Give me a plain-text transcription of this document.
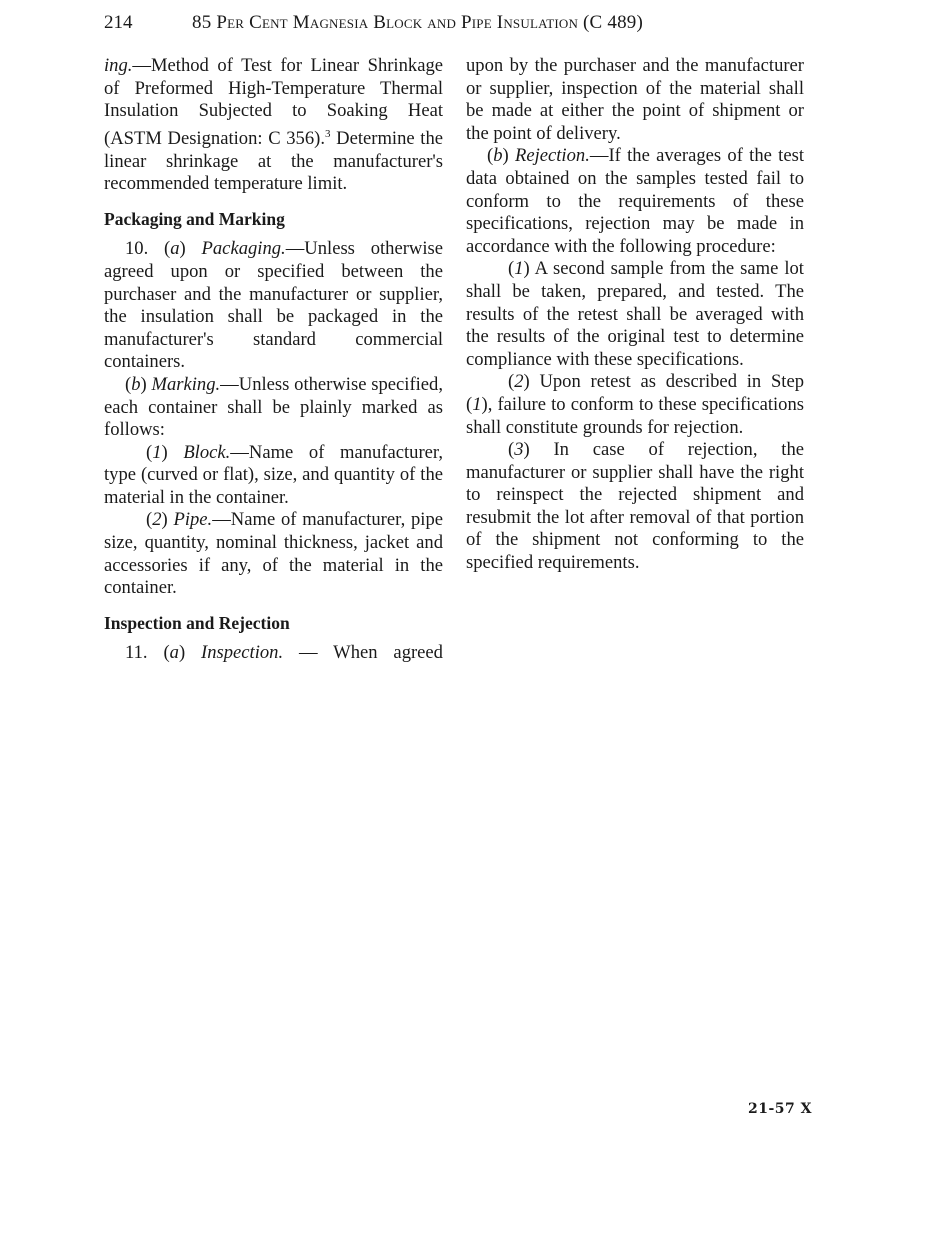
214	85 Per Cent Magnesia Block and Pipe Insulation (C 489)

ing.—Method of Test for Linear Shrinkage of Preformed High-Temperature Thermal Insulation Subjected to Soaking Heat (ASTM Designation: C 356).$^3$ Determine the linear shrinkage at the manufacturer's recommended temperature limit.

Packaging and Marking

10. (a) Packaging.—Unless otherwise agreed upon or specified between the purchaser and the manufacturer or supplier, the insulation shall be packaged in the manufacturer's standard commercial containers.

(b) Marking.—Unless otherwise specified, each container shall be plainly marked as follows:

(1) Block.—Name of manufacturer, type (curved or flat), size, and quantity of the material in the container.

(2) Pipe.—Name of manufacturer, pipe size, quantity, nominal thickness, jacket and accessories if any, of the material in the container.

Inspection and Rejection

11. (a) Inspection. — When agreed

upon by the purchaser and the manufacturer or supplier, inspection of the material shall be made at either the point of shipment or the point of delivery.

(b) Rejection.—If the averages of the test data obtained on the samples tested fail to conform to the requirements of these specifications, rejection may be made in accordance with the following procedure:

(1) A second sample from the same lot shall be taken, prepared, and tested. The results of the retest shall be averaged with the results of the original test to determine compliance with these specifications.

(2) Upon retest as described in Step (1), failure to conform to these specifications shall constitute grounds for rejection.

(3) In case of rejection, the manufacturer or supplier shall have the right to reinspect the rejected shipment and resubmit the lot after removal of that portion of the shipment not conforming to the specified requirements.

21-57 X
